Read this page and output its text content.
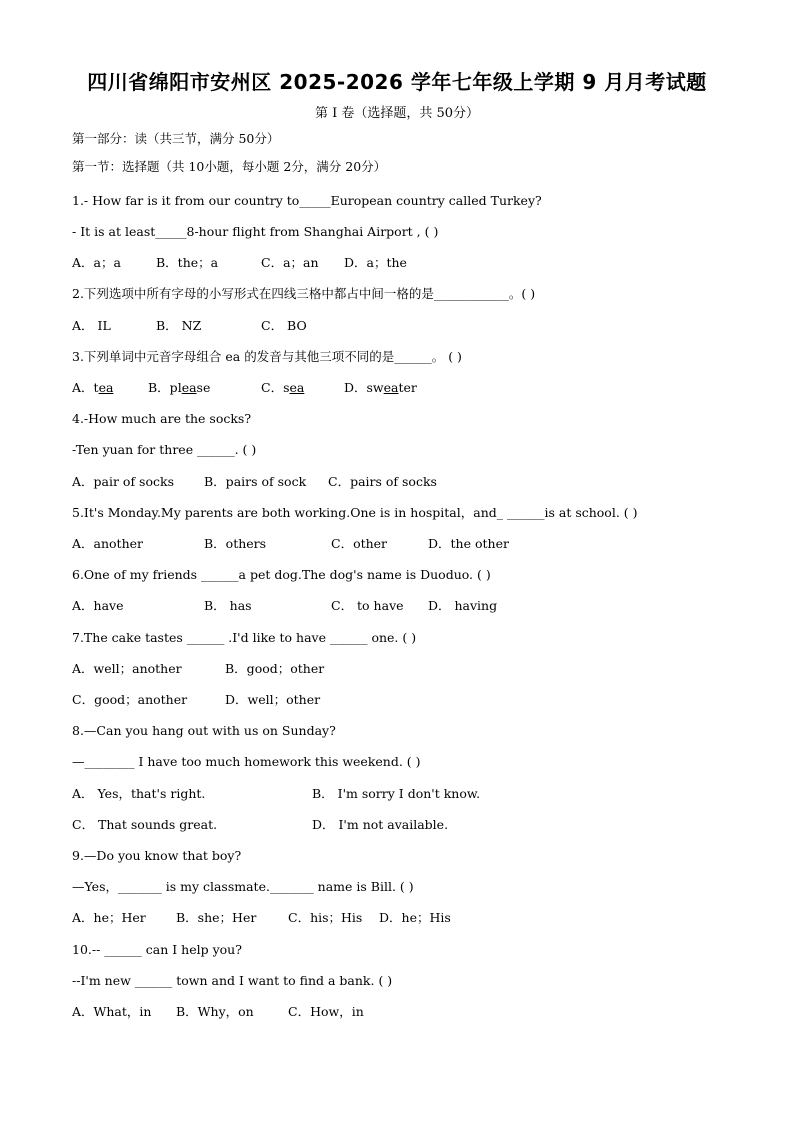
四川省绵阳市安州区 2025-2026 学年七年级上学期 9 月月考试题
第 I 卷（选择题，共 50分）
第一部分：读（共三节，满分 50分）
第一节：选择题（共 10小题，每小题 2分，满分 20分）
1.- How far is it from our country to_____European country called Turkey?
- It is at least_____8-hour flight from Shanghai Airport , ( )
A．a；a	B．the；a	C．a；an D．a；the
2.下列选项中所有字母的小写形式在四线三格中都占中间一格的是____________。( )
A． IL	B． NZ	C． BO
3.下列单词中元音字母组合 ea 的发音与其他三项不同的是______。 ( )
A．tea	B．please	C．sea	D．sweater
4.-How much are the socks?
-Ten yuan for three ______. ( )
A．pair of socks B．pairs of sock C．pairs of socks
5.It's Monday.My parents are both working.One is in hospital，and_ ______is at school. ( )
A．another	B．others	C．other	D．the other
6.One of my friends ______a pet dog.The dog's name is Duoduo. ( )
A．have	B． has	C． to have D． having
7.The cake tastes ______ .I'd like to have ______ one. ( )
A．well；another	B．good；other
C．good；another	D．well；other
8.—Can you hang out with us on Sunday?
—________ I have too much homework this weekend. ( )
A． Yes，that's right.	B． I'm sorry I don't know.
C． That sounds great.	D． I'm not available.
9.—Do you know that boy?
—Yes，_______ is my classmate._______ name is Bill. ( )
A．he；Her B．she；Her	C．his；His D．he；His
10.-- ______ can I help you?
--I'm new ______ town and I want to find a bank. ( )
A．What，in B．Why，on	C．How，in
